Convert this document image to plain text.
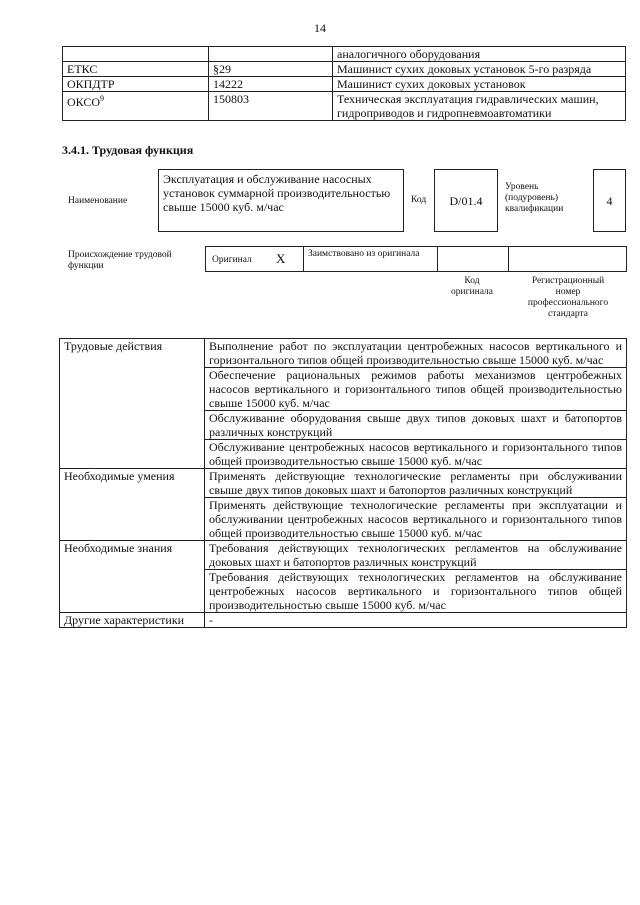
14
		аналогичного оборудования
ЕТКС	§29	Машинист сухих доковых установок 5-го разряда
ОКПДТР	14222	Машинист сухих доковых установок
ОКСО$^9$	150803	Техническая эксплуатация гидравлических машин, гидроприводов и гидропневмоавтоматики
3.4.1. Трудовая функция
Наименование
Эксплуатация и обслуживание насосных установок суммарной производительностью свыше 15000 куб. м/час	Код	D/01.4
Уровень (подуровень) квалификации
4
Происхождение трудовой функции
Оригинал X Заимствовано из оригинала
Код оригинала
Регистрационный номер профессионального стандарта
Трудовые действия	Выполнение работ по эксплуатации центробежных насосов вертикального и горизонтального типов общей производительностью свыше 15000 куб. м/час
	Обеспечение рациональных режимов работы механизмов центробежных насосов вертикального и горизонтального типов общей производительностью свыше 15000 куб. м/час
	Обслуживание оборудования свыше двух типов доковых шахт и батопортов различных конструкций
	Обслуживание центробежных насосов вертикального и горизонтального типов общей производительностью свыше 15000 куб. м/час
Необходимые умения	Применять действующие технологические регламенты при обслуживании свыше двух типов доковых шахт и батопортов различных конструкций
	Применять действующие технологические регламенты при эксплуатации и обслуживании центробежных насосов вертикального и горизонтального типов общей производительностью свыше 15000 куб. м/час
Необходимые знания	Требования действующих технологических регламентов на обслуживание доковых шахт и батопортов различных конструкций
	Требования действующих технологических регламентов на обслуживание центробежных насосов вертикального и горизонтального типов общей производительностью свыше 15000 куб. м/час
Другие характеристики	-
